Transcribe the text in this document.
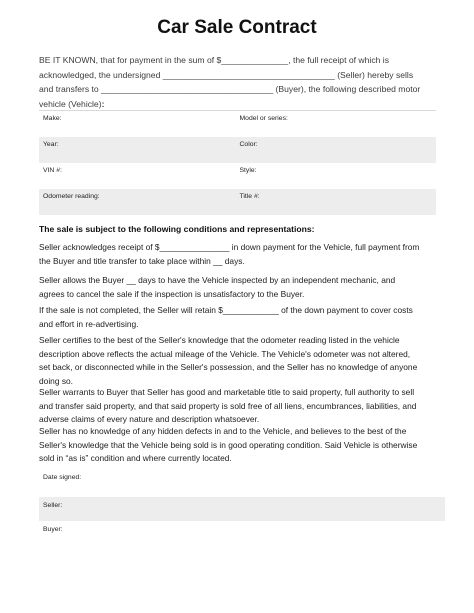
Car Sale Contract
BE IT KNOWN, that for payment in the sum of $______________, the full receipt of which is
acknowledged, the undersigned ____________________________________ (Seller) hereby sells
and transfers to ____________________________________ (Buyer), the following described motor
vehicle (Vehicle):
Make:	Model or series:
Year:	Color:
VIN #:	Style:
Odometer reading:	Title #:
The sale is subject to the following conditions and representations:
Seller acknowledges receipt of $_______________ in down payment for the Vehicle, full payment from
the Buyer and title transfer to take place within __ days.
Seller allows the Buyer __ days to have the Vehicle inspected by an independent mechanic, and
agrees to cancel the sale if the inspection is unsatisfactory to the Buyer.
If the sale is not completed, the Seller will retain $____________ of the down payment to cover costs
and effort in re-advertising.
Seller certifies to the best of the Seller's knowledge that the odometer reading listed in the vehicle
description above reflects the actual mileage of the Vehicle. The Vehicle's odometer was not altered,
set back, or disconnected while in the Seller's possession, and the Seller has no knowledge of anyone
doing so.
Seller warrants to Buyer that Seller has good and marketable title to said property, full authority to sell
and transfer said property, and that said property is sold free of all liens, encumbrances, liabilities, and
adverse claims of every nature and description whatsoever.
Seller has no knowledge of any hidden defects in and to the Vehicle, and believes to the best of the
Seller's knowledge that the Vehicle being sold is in good operating condition. Said Vehicle is otherwise
sold in “as is” condition and where currently located.
Date signed:
Seller:
Buyer:
